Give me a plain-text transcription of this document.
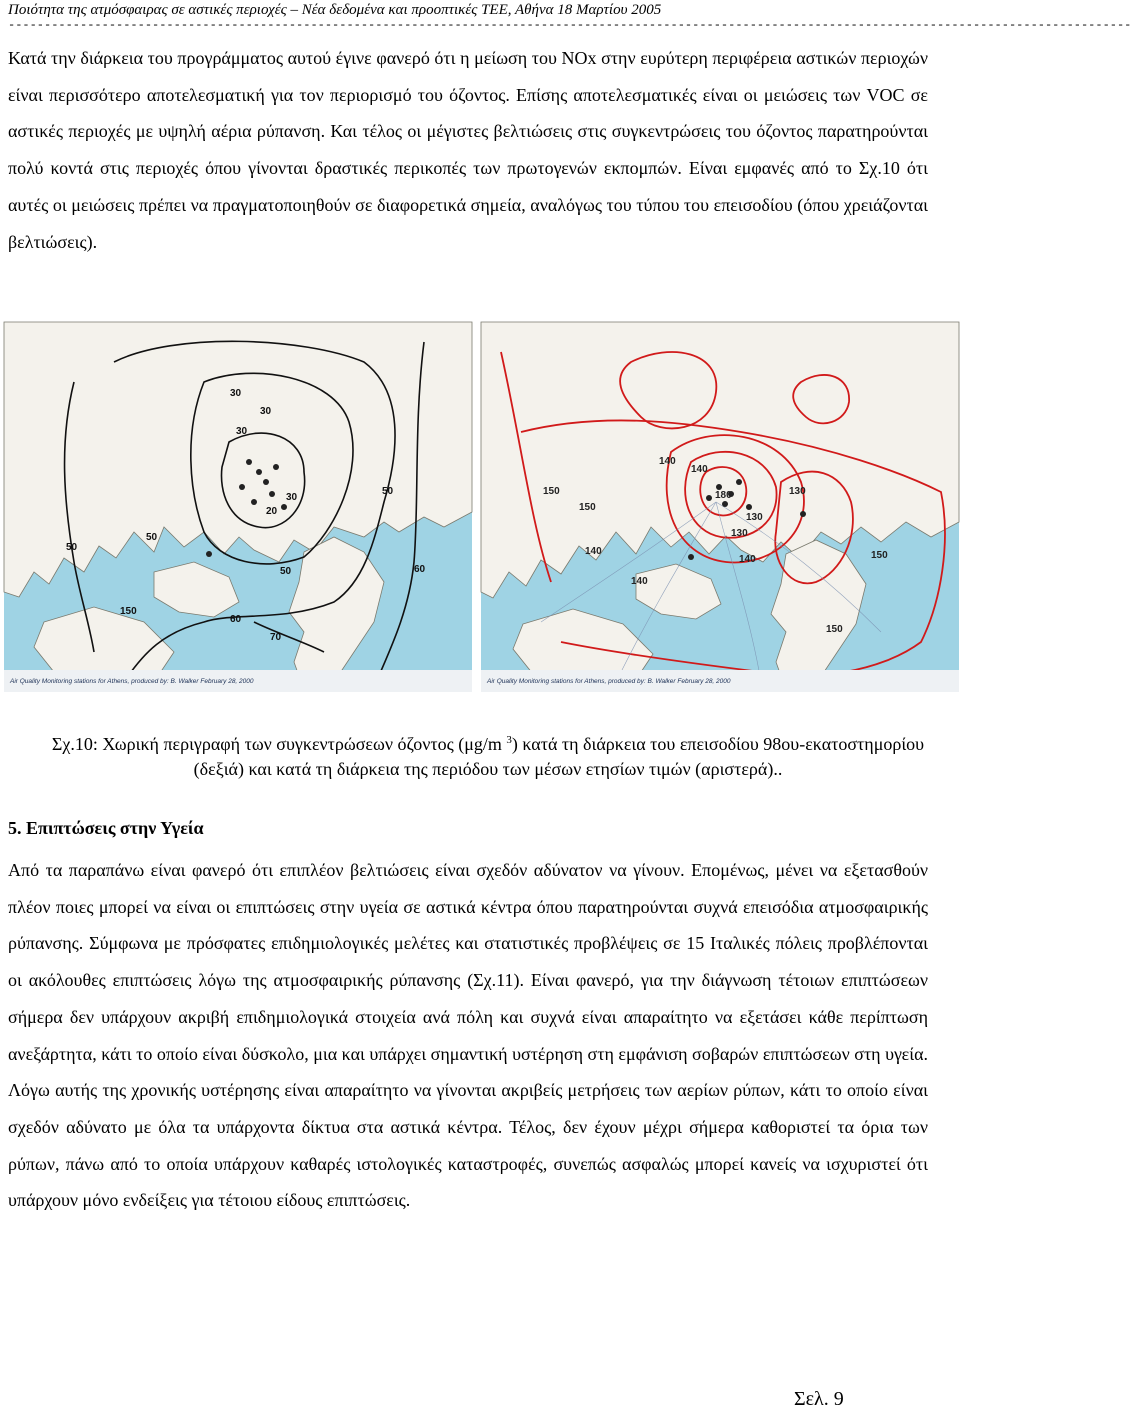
Ποιότητα της ατμόσφαιρας σε αστικές περιοχές – Νέα δεδομένα και προοπτικές ΤΕΕ, Αθήνα 18 Μαρτίου 2005
------------------------------------------------------------------------------------------------------------------------------------------------------------
Κατά την διάρκεια του προγράμματος αυτού έγινε φανερό ότι η μείωση του ΝΟx στην ευρύτερη περιφέρεια αστικών περιοχών είναι περισσότερο αποτελεσματική για τον περιορισμό του όζοντος. Επίσης αποτελεσματικές είναι οι μειώσεις των VOC σε αστικές περιοχές με υψηλή αέρια ρύπανση. Και τέλος οι μέγιστες βελτιώσεις στις συγκεντρώσεις του όζοντος παρατηρούνται πολύ κοντά στις περιοχές όπου γίνονται δραστικές περικοπές των πρωτογενών εκπομπών. Είναι εμφανές από το Σχ.10 ότι αυτές οι μειώσεις πρέπει να πραγματοποιηθούν σε διαφορετικά σημεία, αναλόγως του τύπου του επεισοδίου (όπου χρειάζονται βελτιώσεις).
30
30
30
20
30
50
50
50
50	60
60
70
150
Air Quality Monitoring stations for Athens, produced by: B. Walker February 28, 2000
140
140
150
150
140
130
130
130
140
140
150
180
150
Air Quality Monitoring stations for Athens, produced by: B. Walker February 28, 2000
Σχ.10: Χωρική περιγραφή των συγκεντρώσεων όζοντος (μg/m $^3$) κατά τη διάρκεια του επεισοδίου 98ου-εκατοστημορίου (δεξιά) και κατά τη διάρκεια της περιόδου των μέσων ετησίων τιμών (αριστερά)..
5. Επιπτώσεις στην Υγεία
Από τα παραπάνω είναι φανερό ότι επιπλέον βελτιώσεις είναι σχεδόν αδύνατον να γίνουν. Επομένως, μένει να εξετασθούν πλέον ποιες μπορεί να είναι οι επιπτώσεις στην υγεία σε αστικά κέντρα όπου παρατηρούνται συχνά επεισόδια ατμοσφαιρικής ρύπανσης. Σύμφωνα με πρόσφατες επιδημιολογικές μελέτες και στατιστικές προβλέψεις σε 15 Ιταλικές πόλεις προβλέπονται οι ακόλουθες επιπτώσεις λόγω της ατμοσφαιρικής ρύπανσης (Σχ.11). Είναι φανερό, για την διάγνωση τέτοιων επιπτώσεων σήμερα δεν υπάρχουν ακριβή επιδημιολογικά στοιχεία ανά πόλη και συχνά είναι απαραίτητο να εξετάσει κάθε περίπτωση ανεξάρτητα, κάτι το οποίο είναι δύσκολο, μια και υπάρχει σημαντική υστέρηση στη εμφάνιση σοβαρών επιπτώσεων στη υγεία. Λόγω αυτής της χρονικής υστέρησης είναι απαραίτητο να γίνονται ακριβείς μετρήσεις των αερίων ρύπων, κάτι το οποίο είναι σχεδόν αδύνατο με όλα τα υπάρχοντα δίκτυα στα αστικά κέντρα. Τέλος, δεν έχουν μέχρι σήμερα καθοριστεί τα όρια των ρύπων, πάνω από το οποία υπάρχουν καθαρές ιστολογικές καταστροφές, συνεπώς ασφαλώς μπορεί κανείς να ισχυριστεί ότι υπάρχουν μόνο ενδείξεις για τέτοιου είδους επιπτώσεις.
Σελ. 9
